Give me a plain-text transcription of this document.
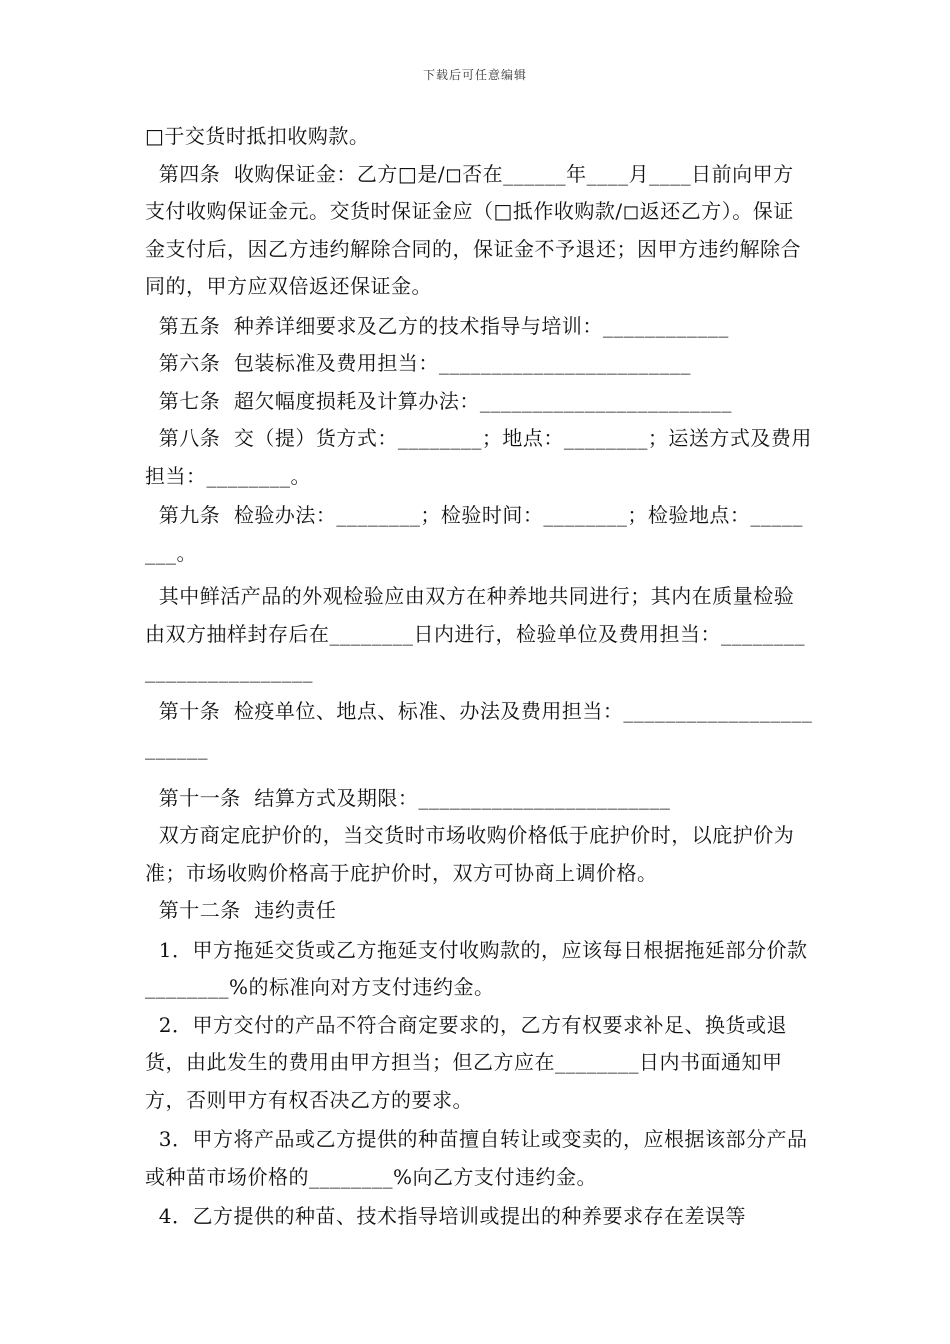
下载后可任意编辑

□于交货时抵扣收购款。

第四条  收购保证金：乙方□是/◻否在______年____月____日前向甲方支付收购保证金元。交货时保证金应（□抵作收购款/◻返还乙方）。保证金支付后，因乙方违约解除合同的，保证金不予退还；因甲方违约解除合同的，甲方应双倍返还保证金。

第五条  种养详细要求及乙方的技术指导与培训：____________

第六条  包装标准及费用担当：________________________

第七条  超欠幅度损耗及计算办法：________________________

第八条  交（提）货方式：________；地点：________；运送方式及费用担当：________。

第九条  检验办法：________；检验时间：________；检验地点：________。

其中鲜活产品的外观检验应由双方在种养地共同进行；其内在质量检验由双方抽样封存后在________日内进行，检验单位及费用担当：________________________

第十条  检疫单位、地点、标准、办法及费用担当：________________________

第十一条  结算方式及期限：________________________

双方商定庇护价的，当交货时市场收购价格低于庇护价时，以庇护价为准；市场收购价格高于庇护价时，双方可协商上调价格。

第十二条  违约责任

1．甲方拖延交货或乙方拖延支付收购款的，应该每日根据拖延部分价款________%的标准向对方支付违约金。

2．甲方交付的产品不符合商定要求的，乙方有权要求补足、换货或退货，由此发生的费用由甲方担当；但乙方应在________日内书面通知甲方，否则甲方有权否决乙方的要求。

3．甲方将产品或乙方提供的种苗擅自转让或变卖的，应根据该部分产品或种苗市场价格的________%向乙方支付违约金。

4．乙方提供的种苗、技术指导培训或提出的种养要求存在差误等
